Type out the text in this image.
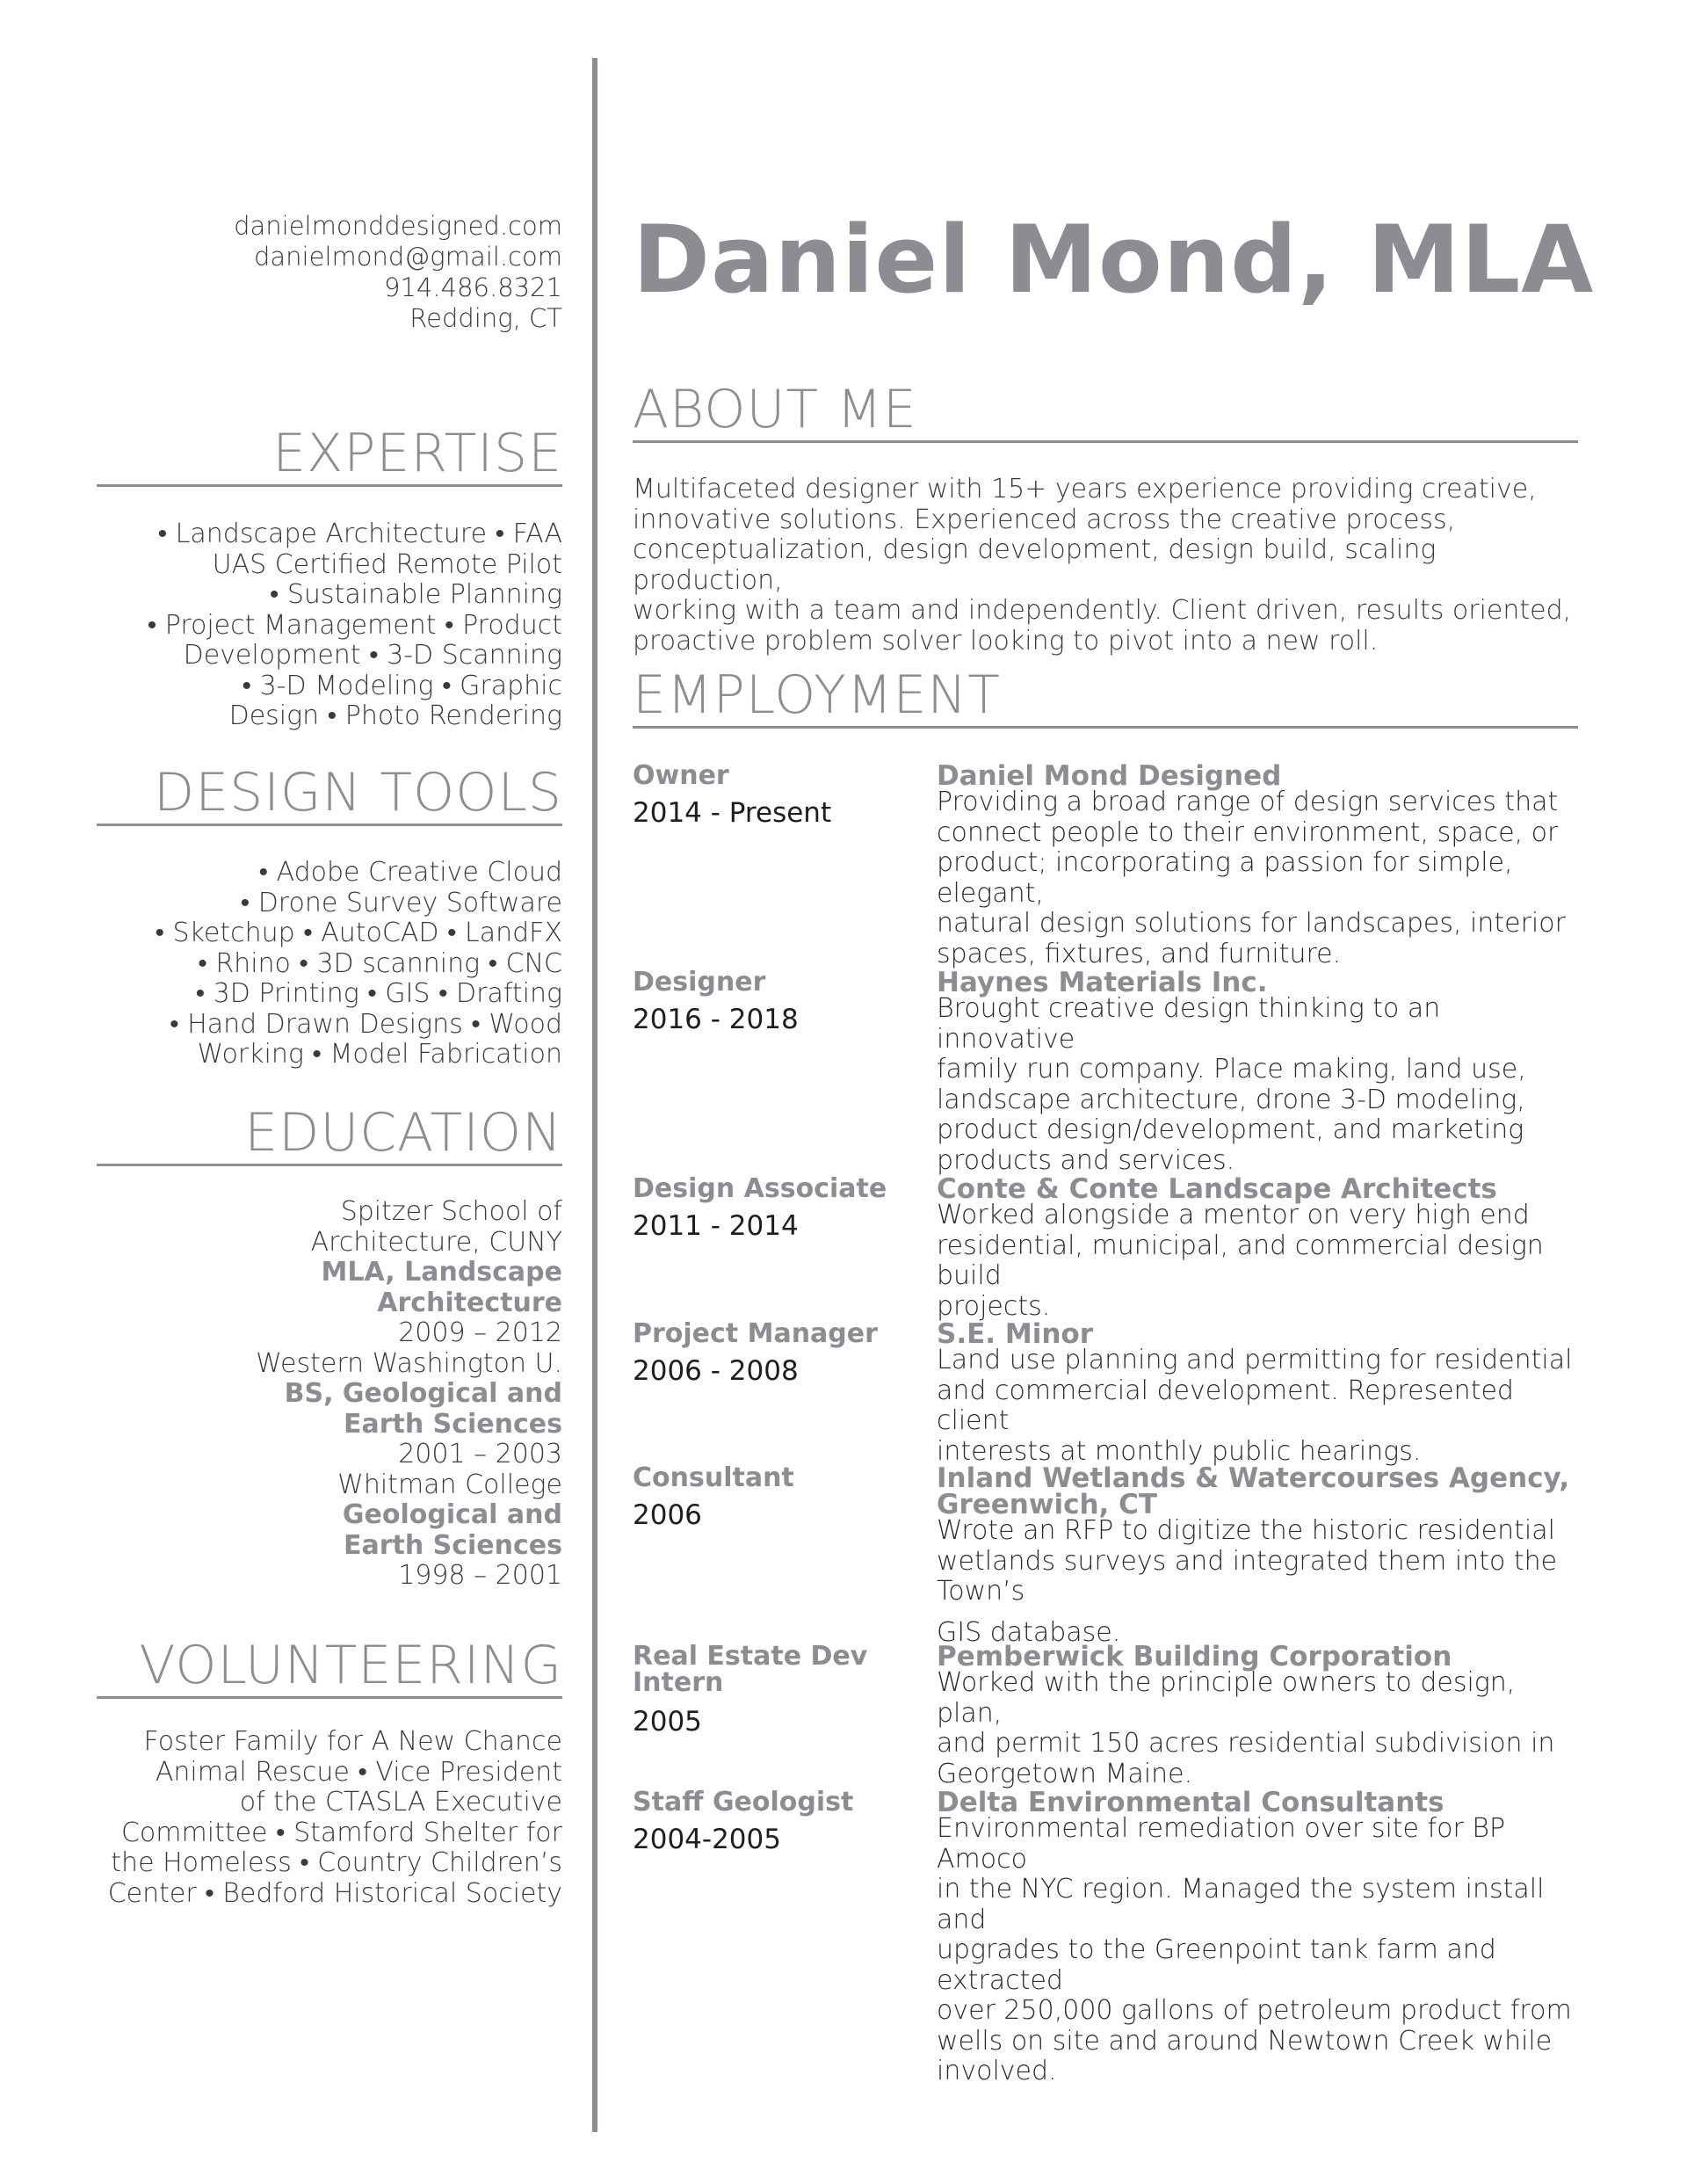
danielmonddesigned.com
danielmond@gmail.com
914.486.8321
Redding, CT
EXPERTISE
• Landscape Architecture • FAA
UAS Certified Remote Pilot
• Sustainable Planning
• Project Management • Product
Development • 3-D Scanning
• 3-D Modeling • Graphic
Design • Photo Rendering
DESIGN TOOLS
• Adobe Creative Cloud
• Drone Survey Software
• Sketchup • AutoCAD • LandFX
• Rhino • 3D scanning • CNC
• 3D Printing • GIS • Drafting
• Hand Drawn Designs • Wood
Working • Model Fabrication
EDUCATION
Spitzer School of
Architecture, CUNY
MLA, Landscape
Architecture
2009 – 2012
Western Washington U.
BS, Geological and
Earth Sciences
2001 – 2003
Whitman College
Geological and
Earth Sciences
1998 – 2001
VOLUNTEERING
Foster Family for A New Chance
Animal Rescue • Vice President
of the CTASLA Executive
Committee • Stamford Shelter for
the Homeless • Country Children’s
Center • Bedford Historical Society
Daniel Mond, MLA
ABOUT ME
Multifaceted designer with 15+ years experience providing creative,
innovative solutions. Experienced across the creative process,
conceptualization, design development, design build, scaling production,
working with a team and independently. Client driven, results oriented,
proactive problem solver looking to pivot into a new roll.
EMPLOYMENT
Owner
2014 - Present
Daniel Mond Designed
Providing a broad range of design services that
connect people to their environment, space, or
product; incorporating a passion for simple, elegant,
natural design solutions for landscapes, interior
spaces, fixtures, and furniture.
Designer
2016 - 2018
Haynes Materials Inc.
Brought creative design thinking to an innovative
family run company. Place making, land use,
landscape architecture, drone 3-D modeling,
product design/development, and marketing
products and services.
Design Associate
2011 - 2014
Conte & Conte Landscape Architects
Worked alongside a mentor on very high end
residential, municipal, and commercial design build
projects.
Project Manager
2006 - 2008
S.E. Minor
Land use planning and permitting for residential
and commercial development. Represented client
interests at monthly public hearings.
Consultant
2006
Inland Wetlands & Watercourses Agency,
Greenwich, CT
Wrote an RFP to digitize the historic residential
wetlands surveys and integrated them into the Town’s
GIS database.
Real Estate Dev
Intern
2005
Pemberwick Building Corporation
Worked with the principle owners to design, plan,
and permit 150 acres residential subdivision in
Georgetown Maine.
Staff Geologist
2004-2005
Delta Environmental Consultants
Environmental remediation over site for BP Amoco
in the NYC region. Managed the system install and
upgrades to the Greenpoint tank farm and extracted
over 250,000 gallons of petroleum product from
wells on site and around Newtown Creek while
involved.
